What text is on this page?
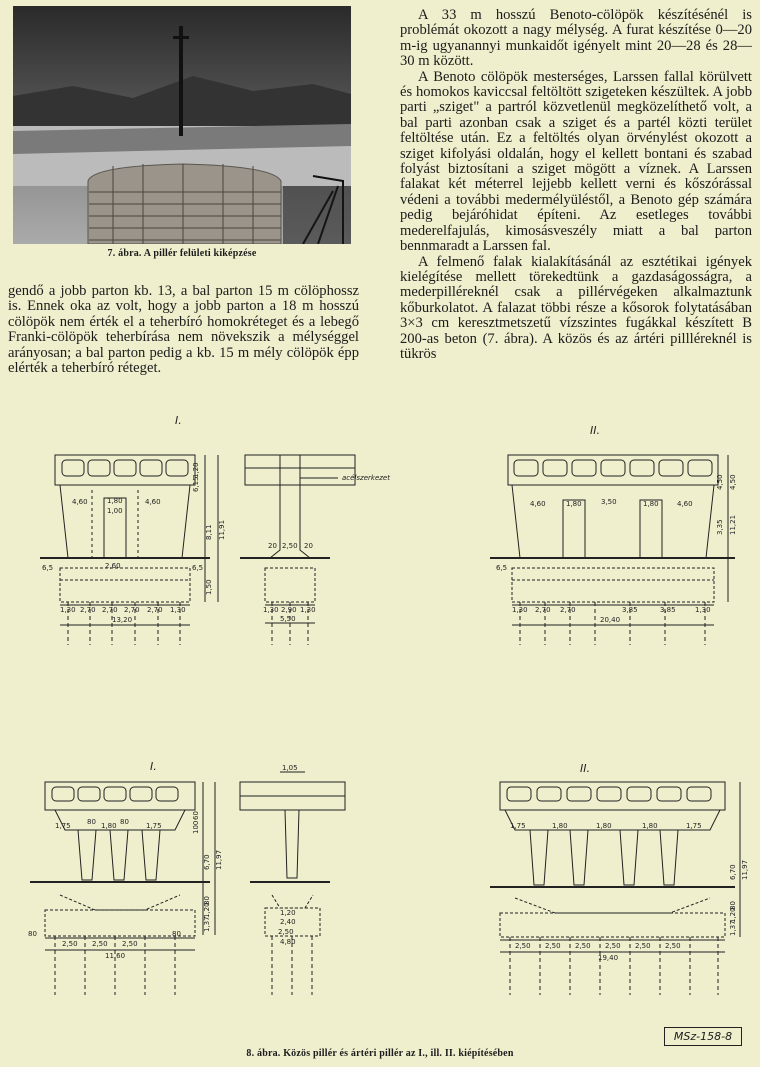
7. ábra. A pillér felületi kiképzése

A 33 m hosszú Benoto-cölöpök készítésénél is problémát okozott a nagy mélység. A furat készítése 0—20 m-ig ugyanannyi munkaidőt igényelt mint 20—28 és 28—30 m között.

A Benoto cölöpök mesterséges, Larssen fallal körülvett és homokos kaviccsal feltöltött szigeteken készültek. A jobb parti „sziget" a partról közvetlenül megközelíthető volt, a bal parti azonban csak a sziget és a partél közti terület feltöltése után. Ez a feltöltés olyan örvénylést okozott a sziget kifolyási oldalán, hogy el kellett bontani és szabad folyást biztosítani a sziget mögött a víznek. A Larssen falakat két méterrel lejjebb kellett verni és kőszórással védeni a további medermélyüléstől, a Benoto gép számára pedig bejáróhidat építeni. Az esetleges további mederelfajulás, kimosásveszély miatt a bal parton bennmaradt a Larssen fal.

A felmenő falak kialakításánál az esztétikai igények kielégítése mellett törekedtünk a gazdaságosságra, a mederpilléreknél csak a pillérvégeken alkalmaztunk kőburkolatot. A falazat többi része a kősorok folytatásában 3×3 cm keresztmetszetű vízszintes fugákkal készített B 200-as beton (7. ábra). A közös és az ártéri pillléreknél is tükrös

gendő a jobb parton kb. 13, a bal parton 15 m cölöphossz is. Ennek oka az volt, hogy a jobb parton a 18 m hosszú cölöpök nem érték el a teherbíró homokréteget és a lebegő Franki-cölöpök teherbírása nem növekszik a mélységgel arányosan; a bal parton pedig a kb. 15 m mély cölöpök épp elérték a teherbíró réteget.

I.
4,60	1,80	4,60
1,00
2,60
1,20
6,15
8,11 11,91
1,50
6,5	6,5
1,30 2,70 2,70 2,70 2,70 1,30
13,20
acélszerkezet
20 2,50 20
1,30 2,90 1,30
5,50
II.
4,60	1,80	3,50	1,80	4,60
4,50 4,50
3,35 11,21
6,5
1,30 2,70 2,70	3,85	3,85	1,30
20,40
I.
1,75 80 1,80 80 1,75
60
100
6,70 11,97
80
1,20
1,37
80
2,50 2,50 2,50
80
11,60
1,05
1,20
2,40
2,50
4,80
II.
1,75	1,80	1,80	1,80	1,75
6,70 11,97
80
1,20
1,37
2,50 2,50 2,50 2,50 2,50 2,50
19,40
MSz-158-8
8. ábra. Közös pillér és ártéri pillér az I., ill. II. kiépítésében
